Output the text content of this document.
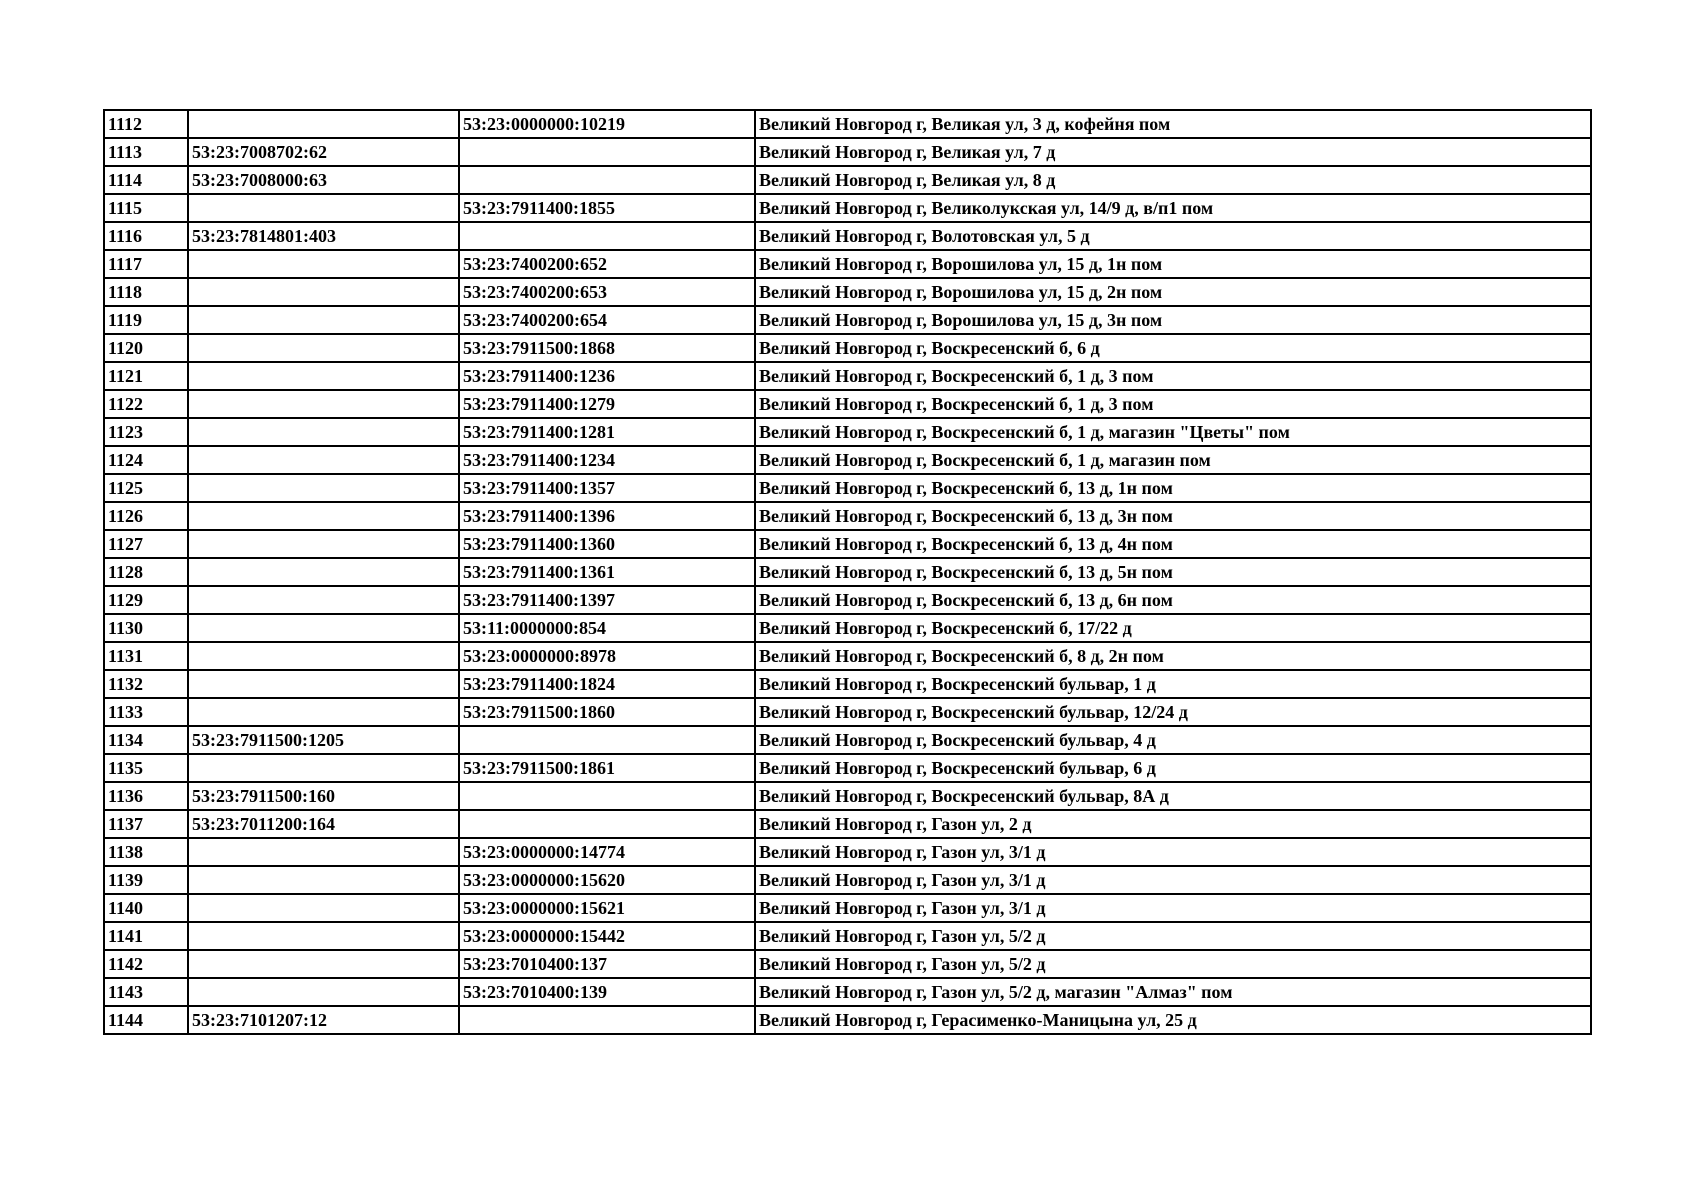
1112		53:23:0000000:10219	Великий Новгород г, Великая ул, 3 д, кофейня пом
1113	53:23:7008702:62		Великий Новгород г, Великая ул, 7 д
1114	53:23:7008000:63		Великий Новгород г, Великая ул, 8 д
1115		53:23:7911400:1855	Великий Новгород г, Великолукская ул, 14/9 д, в/п1 пом
1116	53:23:7814801:403		Великий Новгород г, Волотовская ул, 5 д
1117		53:23:7400200:652	Великий Новгород г, Ворошилова ул, 15 д, 1н пом
1118		53:23:7400200:653	Великий Новгород г, Ворошилова ул, 15 д, 2н пом
1119		53:23:7400200:654	Великий Новгород г, Ворошилова ул, 15 д, 3н пом
1120		53:23:7911500:1868	Великий Новгород г, Воскресенский б, 6 д
1121		53:23:7911400:1236	Великий Новгород г, Воскресенский б, 1 д, 3 пом
1122		53:23:7911400:1279	Великий Новгород г, Воскресенский б, 1 д, 3 пом
1123		53:23:7911400:1281	Великий Новгород г, Воскресенский б, 1 д, магазин "Цветы" пом
1124		53:23:7911400:1234	Великий Новгород г, Воскресенский б, 1 д, магазин пом
1125		53:23:7911400:1357	Великий Новгород г, Воскресенский б, 13 д, 1н пом
1126		53:23:7911400:1396	Великий Новгород г, Воскресенский б, 13 д, 3н пом
1127		53:23:7911400:1360	Великий Новгород г, Воскресенский б, 13 д, 4н пом
1128		53:23:7911400:1361	Великий Новгород г, Воскресенский б, 13 д, 5н пом
1129		53:23:7911400:1397	Великий Новгород г, Воскресенский б, 13 д, 6н пом
1130		53:11:0000000:854	Великий Новгород г, Воскресенский б, 17/22 д
1131		53:23:0000000:8978	Великий Новгород г, Воскресенский б, 8 д, 2н пом
1132		53:23:7911400:1824	Великий Новгород г, Воскресенский бульвар, 1 д
1133		53:23:7911500:1860	Великий Новгород г, Воскресенский бульвар, 12/24 д
1134	53:23:7911500:1205		Великий Новгород г, Воскресенский бульвар, 4 д
1135		53:23:7911500:1861	Великий Новгород г, Воскресенский бульвар, 6 д
1136	53:23:7911500:160		Великий Новгород г, Воскресенский бульвар, 8А д
1137	53:23:7011200:164		Великий Новгород г, Газон ул, 2 д
1138		53:23:0000000:14774	Великий Новгород г, Газон ул, 3/1 д
1139		53:23:0000000:15620	Великий Новгород г, Газон ул, 3/1 д
1140		53:23:0000000:15621	Великий Новгород г, Газон ул, 3/1 д
1141		53:23:0000000:15442	Великий Новгород г, Газон ул, 5/2 д
1142		53:23:7010400:137	Великий Новгород г, Газон ул, 5/2 д
1143		53:23:7010400:139	Великий Новгород г, Газон ул, 5/2 д, магазин "Алмаз" пом
1144	53:23:7101207:12		Великий Новгород г, Герасименко-Маницына ул, 25 д
